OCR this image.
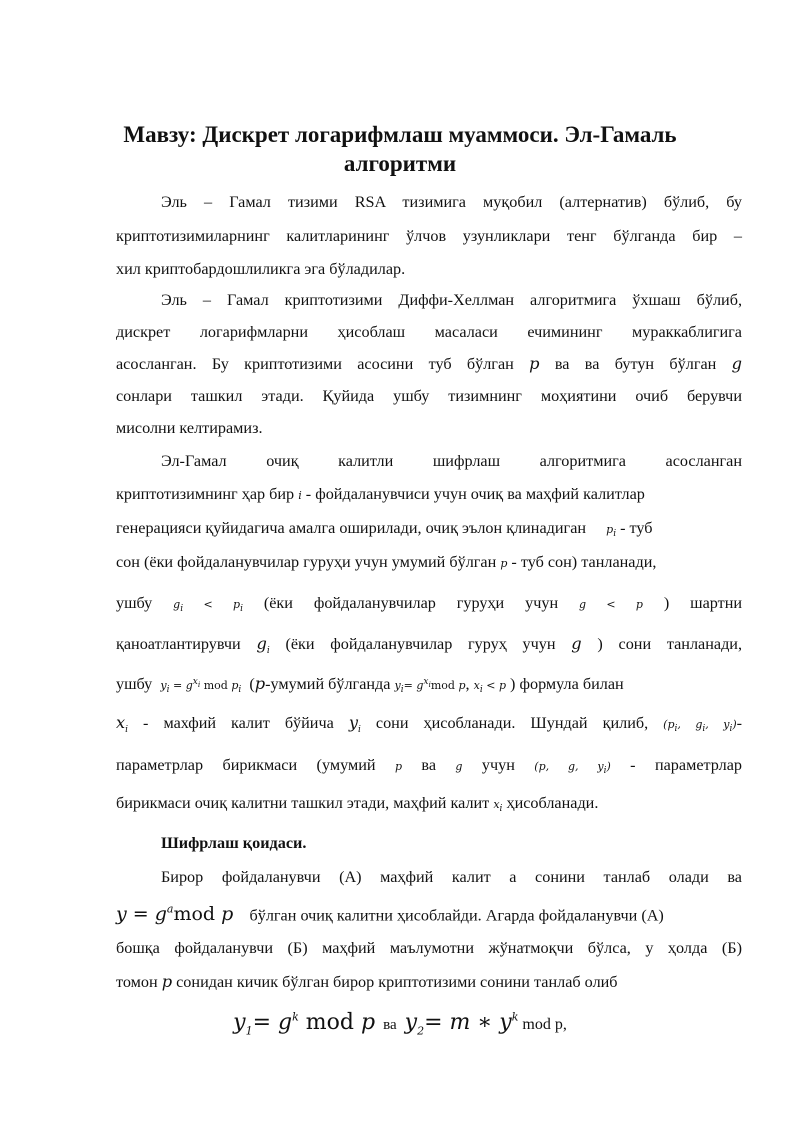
Мавзу: Дискрет логарифмлаш муаммоси. Эл-Гамаль алгоритми
Эль – Гамал тизими RSA тизимига муқобил (алтернатив) бўлиб, бу
криптотизимиларнинг калитларининг ўлчов узунликлари тенг бўлганда бир –
хил криптобардошлиликга эга бўладилар.
Эль – Гамал криптотизими Диффи-Хеллман алгоритмига ўхшаш бўлиб,
дискрет логарифмларни ҳисоблаш масаласи ечимининг мураккаблигига
асосланган. Бу криптотизими асосини туб бўлган p ва ва бутун бўлган g
сонлари ташкил этади. Қуйида ушбу тизимнинг моҳиятини очиб берувчи
мисолни келтирамиз.
Эл-Гамал очиқ калитли шифрлаш алгоритмига асосланган
криптотизимнинг ҳар бир i - фойдаланувчиси учун очиқ ва маҳфий калитлар
генерацияси қуйидагича амалга оширилади, очиқ эълон қлинадиган $p_i$ - туб
сон (ёки фойдаланувчилар гуруҳи учун умумий бўлган p - туб сон) танланади,
ушбу $g_i < p_i$ (ёки фойдаланувчилар гуруҳи учун g < p ) шартни
қаноатлантирувчи $g_i$ (ёки фойдаланувчилар гуруҳ учун g ) сони танланади,
ушбу $y_i = g^{x_i}$ mod $p_i$ (p-умумий бўлганда $y_i= g^{x_i}mod$ p, $x_i < p$ ) формула билан
$x_i$ - махфий калит бўйича $y_i$ сони ҳисобланади. Шундай қилиб, ($p_i$, $g_i$, $y_i)-$
параметрлар бирикмаси (умумий p ва g учун (p, g, $y_i$) - параметрлар
бирикмаси очиқ калитни ташкил этади, маҳфий калит $x_i$ ҳисобланади.
Шифрлаш қоидаси.
Бирор фойдаланувчи (А) маҳфий калит a сонини танлаб олади ва
$y = g^amod$ p бўлган очиқ калитни ҳисоблайди. Агарда фойдаланувчи (А)
бошқа фойдаланувчи (Б) маҳфий маълумотни жўнатмоқчи бўлса, у ҳолда (Б)
томон p сонидан кичик бўлган бирор криптотизими сонини танлаб олиб
$y_1= g^k$ mod p ва $y_2= m$ ∗ $y^k$ mod p,
